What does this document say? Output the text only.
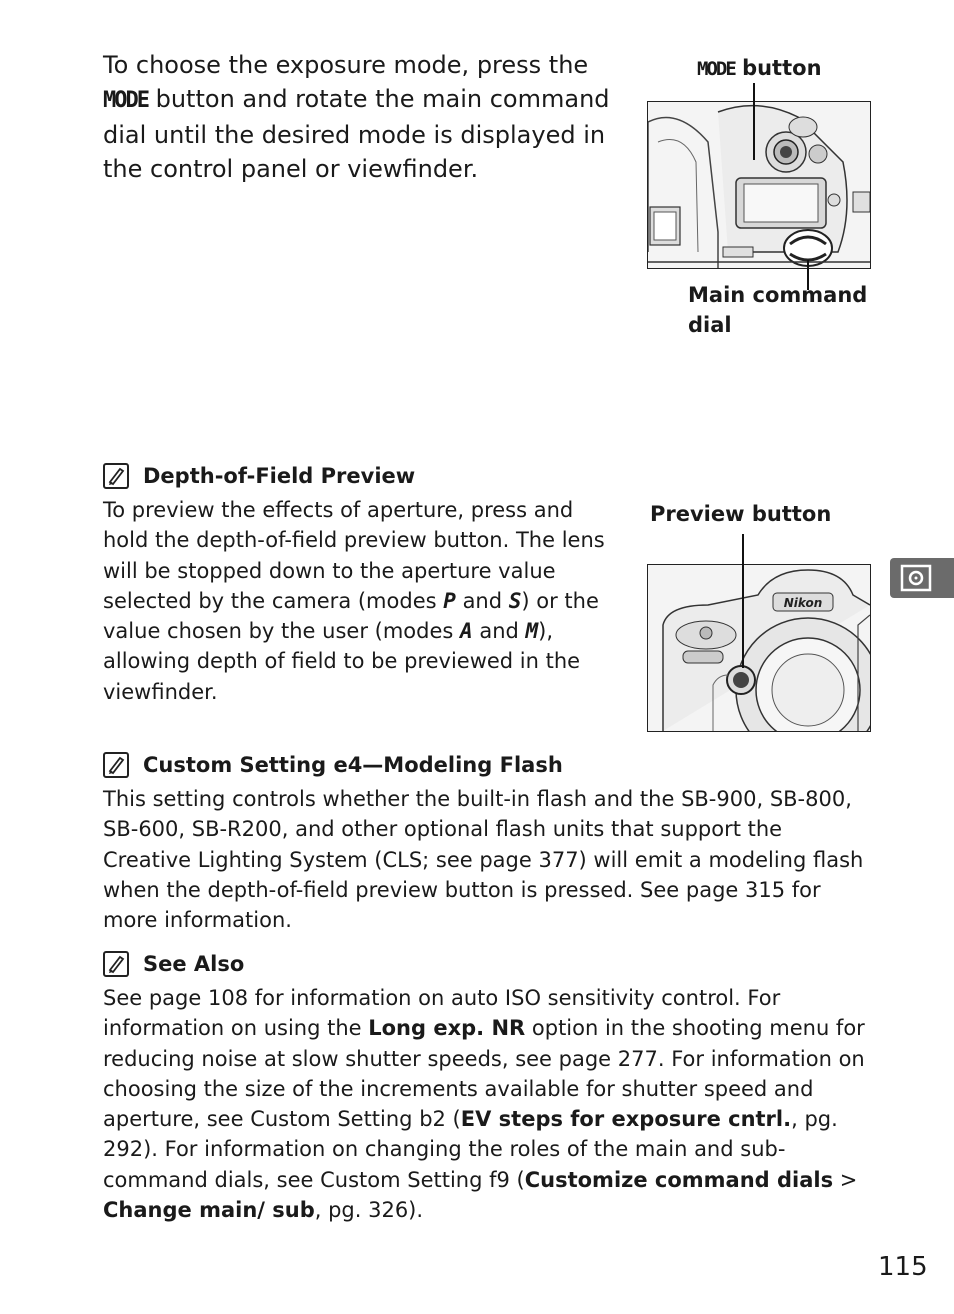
To choose the exposure mode, press the MODE button and rotate the main command dial until the desired mode is displayed in the control panel or viewfinder.
MODE button
Main command
dial
Depth-of-Field Preview
To preview the effects of aperture, press and hold the depth-of-field preview button. The lens will be stopped down to the aperture value selected by the camera (modes P and S) or the value chosen by the user (modes A and M), allowing depth of field to be previewed in the viewfinder.
Preview button
Nikon
Custom Setting e4—Modeling Flash
This setting controls whether the built-in flash and the SB-900, SB-800, SB-600, SB-R200, and other optional flash units that support the Creative Lighting System (CLS; see page 377) will emit a modeling flash when the depth-of-field preview button is pressed. See page 315 for more information.
See Also
See page 108 for information on auto ISO sensitivity control. For information on using the Long exp. NR option in the shooting menu for reducing noise at slow shutter speeds, see page 277. For information on choosing the size of the increments available for shutter speed and aperture, see Custom Setting b2 (EV steps for exposure cntrl., pg. 292). For information on changing the roles of the main and sub-command dials, see Custom Setting f9 (Customize command dials > Change main/ sub, pg. 326).
115
